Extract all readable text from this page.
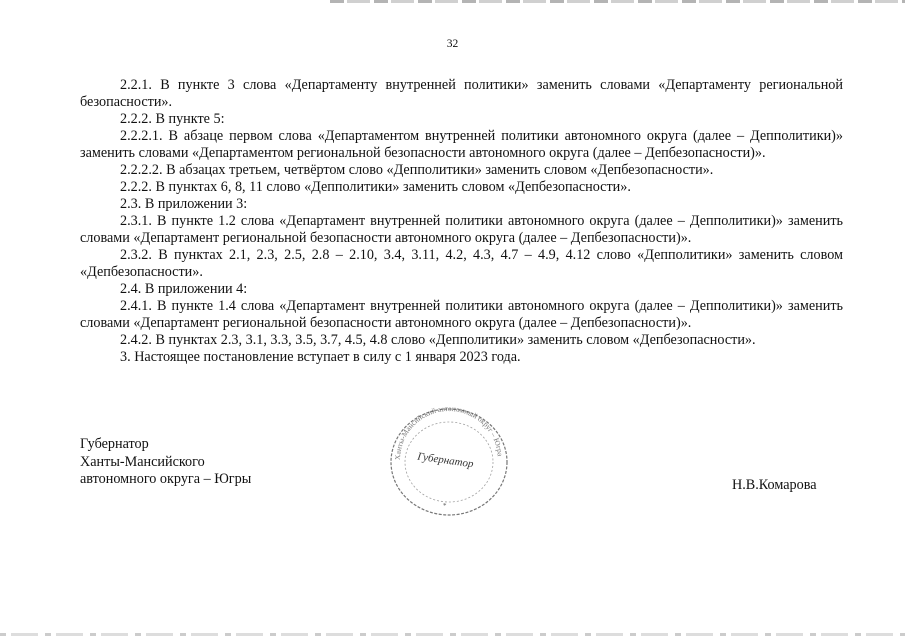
32

2.2.1. В пункте 3 слова «Департаменту внутренней политики» заменить словами «Департаменту региональной безопасности».

2.2.2. В пункте 5:

2.2.2.1. В абзаце первом слова «Департаментом внутренней политики автономного округа (далее – Депполитики)» заменить словами «Департаментом региональной безопасности автономного округа (далее – Депбезопасности)».

2.2.2.2. В абзацах третьем, четвёртом слово «Депполитики» заменить словом «Депбезопасности».

2.2.2. В пунктах 6, 8, 11 слово «Депполитики» заменить словом «Депбезопасности».

2.3. В приложении 3:

2.3.1. В пункте 1.2 слова «Департамент внутренней политики автономного округа (далее – Депполитики)» заменить словами «Департамент региональной безопасности автономного округа (далее – Депбезопасности)».

2.3.2. В пунктах 2.1, 2.3, 2.5, 2.8 – 2.10, 3.4, 3.11, 4.2, 4.3, 4.7 – 4.9, 4.12 слово «Депполитики» заменить словом «Депбезопасности».

2.4. В приложении 4:

2.4.1. В пункте 1.4 слова «Департамент внутренней политики автономного округа (далее – Депполитики)» заменить словами «Департамент региональной безопасности автономного округа (далее – Депбезопасности)».

2.4.2. В пунктах 2.3, 3.1, 3.3, 3.5, 3.7, 4.5, 4.8 слово «Депполитики» заменить словом «Депбезопасности».

3. Настоящее постановление вступает в силу с 1 января 2023 года.

Губернатор
Ханты-Мансийского
автономного округа – Югры
Ханты-Мансийский автономный округ – Югра
Губернатор
*
Н.В.Комарова
